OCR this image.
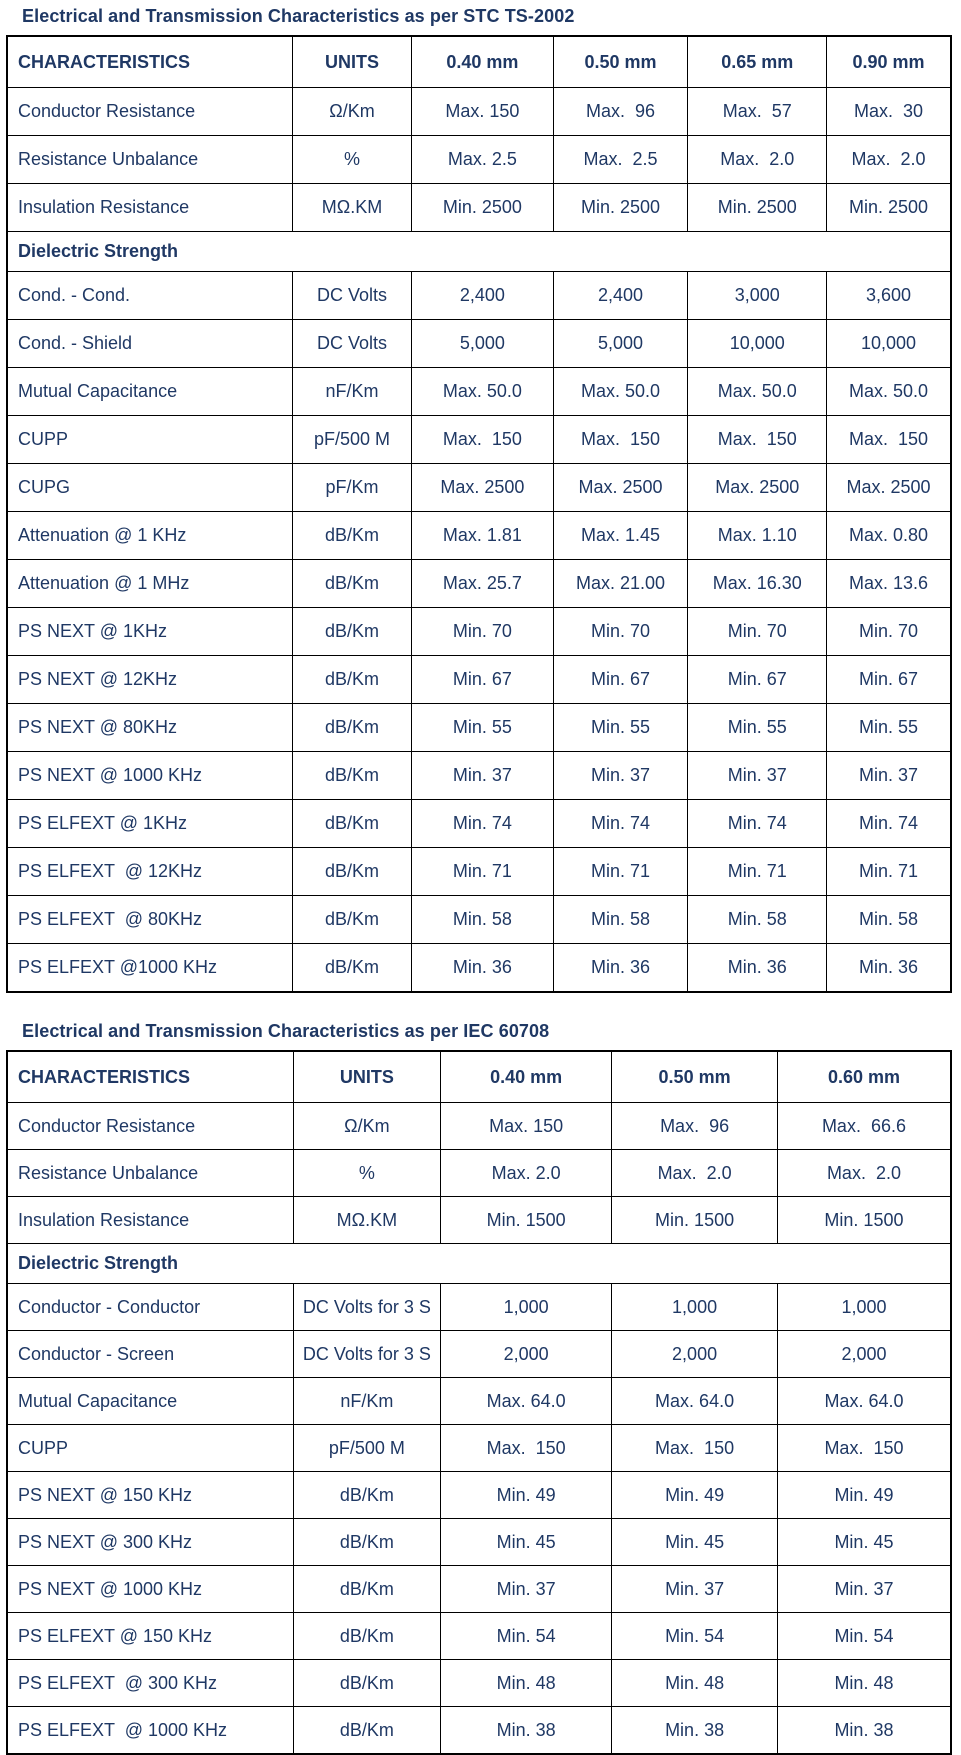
Electrical and Transmission Characteristics as per STC TS-2002
CHARACTERISTICS	UNITS	0.40 mm	0.50 mm	0.65 mm	0.90 mm
Conductor Resistance	Ω/Km	Max. 150	Max.  96	Max.  57	Max.  30
Resistance Unbalance	%	Max. 2.5	Max.  2.5	Max.  2.0	Max.  2.0
Insulation Resistance	MΩ.KM	Min. 2500	Min. 2500	Min. 2500	Min. 2500
Dielectric Strength					
Cond. - Cond.	DC Volts	2,400	2,400	3,000	3,600
Cond. - Shield	DC Volts	5,000	5,000	10,000	10,000
Mutual Capacitance	nF/Km	Max. 50.0	Max. 50.0	Max. 50.0	Max. 50.0
CUPP	pF/500 M	Max.  150	Max.  150	Max.  150	Max.  150
CUPG	pF/Km	Max. 2500	Max. 2500	Max. 2500	Max. 2500
Attenuation @ 1 KHz	dB/Km	Max. 1.81	Max. 1.45	Max. 1.10	Max. 0.80
Attenuation @ 1 MHz	dB/Km	Max. 25.7	Max. 21.00	Max. 16.30	Max. 13.6
PS NEXT @ 1KHz	dB/Km	Min. 70	Min. 70	Min. 70	Min. 70
PS NEXT @ 12KHz	dB/Km	Min. 67	Min. 67	Min. 67	Min. 67
PS NEXT @ 80KHz	dB/Km	Min. 55	Min. 55	Min. 55	Min. 55
PS NEXT @ 1000 KHz	dB/Km	Min. 37	Min. 37	Min. 37	Min. 37
PS ELFEXT @ 1KHz	dB/Km	Min. 74	Min. 74	Min. 74	Min. 74
PS ELFEXT  @ 12KHz	dB/Km	Min. 71	Min. 71	Min. 71	Min. 71
PS ELFEXT  @ 80KHz	dB/Km	Min. 58	Min. 58	Min. 58	Min. 58
PS ELFEXT @1000 KHz	dB/Km	Min. 36	Min. 36	Min. 36	Min. 36
Electrical and Transmission Characteristics as per IEC 60708
CHARACTERISTICS	UNITS	0.40 mm	0.50 mm	0.60 mm
Conductor Resistance	Ω/Km	Max. 150	Max.  96	Max.  66.6
Resistance Unbalance	%	Max. 2.0	Max.  2.0	Max.  2.0
Insulation Resistance	MΩ.KM	Min. 1500	Min. 1500	Min. 1500
Dielectric Strength				
Conductor - Conductor	DC Volts for 3 S	1,000	1,000	1,000
Conductor - Screen	DC Volts for 3 S	2,000	2,000	2,000
Mutual Capacitance	nF/Km	Max. 64.0	Max. 64.0	Max. 64.0
CUPP	pF/500 M	Max.  150	Max.  150	Max.  150
PS NEXT @ 150 KHz	dB/Km	Min. 49	Min. 49	Min. 49
PS NEXT @ 300 KHz	dB/Km	Min. 45	Min. 45	Min. 45
PS NEXT @ 1000 KHz	dB/Km	Min. 37	Min. 37	Min. 37
PS ELFEXT @ 150 KHz	dB/Km	Min. 54	Min. 54	Min. 54
PS ELFEXT  @ 300 KHz	dB/Km	Min. 48	Min. 48	Min. 48
PS ELFEXT  @ 1000 KHz	dB/Km	Min. 38	Min. 38	Min. 38
